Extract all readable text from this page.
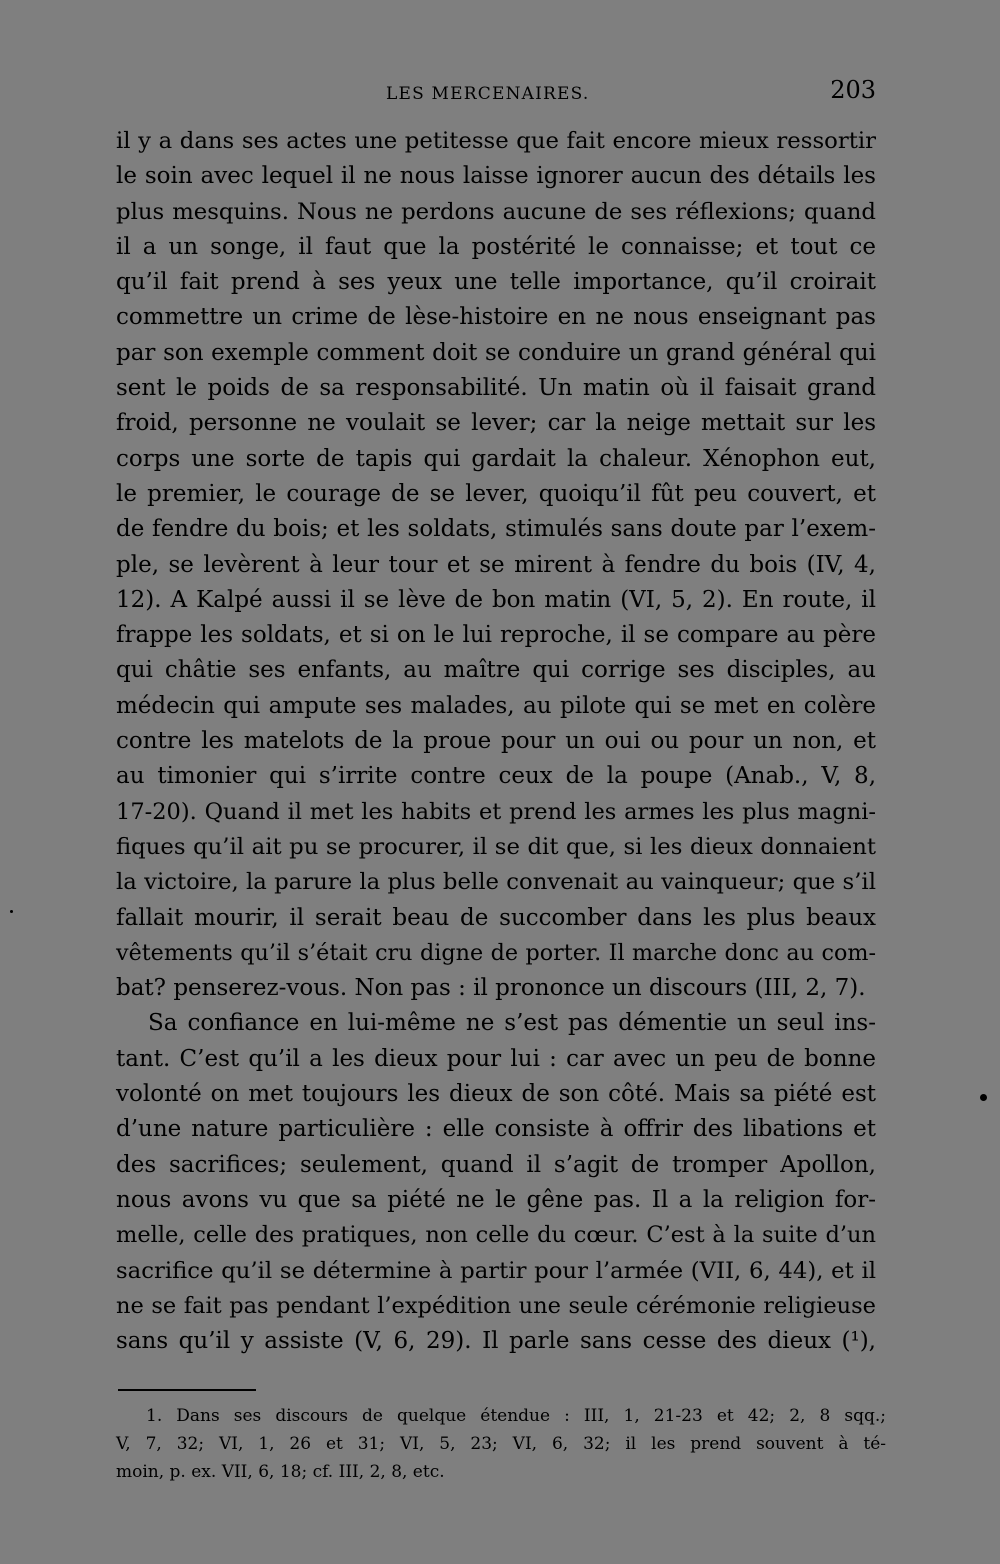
LES MERCENAIRES.	203
il y a dans ses actes une petitesse que fait encore mieux ressortir
le soin avec lequel il ne nous laisse ignorer aucun des détails les
plus mesquins. Nous ne perdons aucune de ses réflexions; quand
il a un songe, il faut que la postérité le connaisse; et tout ce
qu’il fait prend à ses yeux une telle importance, qu’il croirait
commettre un crime de lèse-histoire en ne nous enseignant pas
par son exemple comment doit se conduire un grand général qui
sent le poids de sa responsabilité. Un matin où il faisait grand
froid, personne ne voulait se lever; car la neige mettait sur les
corps une sorte de tapis qui gardait la chaleur. Xénophon eut,
le premier, le courage de se lever, quoiqu’il fût peu couvert, et
de fendre du bois; et les soldats, stimulés sans doute par l’exem-
ple, se levèrent à leur tour et se mirent à fendre du bois (IV, 4,
12). A Kalpé aussi il se lève de bon matin (VI, 5, 2). En route, il
frappe les soldats, et si on le lui reproche, il se compare au père
qui châtie ses enfants, au maître qui corrige ses disciples, au
médecin qui ampute ses malades, au pilote qui se met en colère
contre les matelots de la proue pour un oui ou pour un non, et
au timonier qui s’irrite contre ceux de la poupe (Anab., V, 8,
17-20). Quand il met les habits et prend les armes les plus magni-
fiques qu’il ait pu se procurer, il se dit que, si les dieux donnaient
la victoire, la parure la plus belle convenait au vainqueur; que s’il
fallait mourir, il serait beau de succomber dans les plus beaux
vêtements qu’il s’était cru digne de porter. Il marche donc au com-
bat? penserez-vous. Non pas : il prononce un discours (III, 2, 7).
Sa confiance en lui-même ne s’est pas démentie un seul ins-
tant. C’est qu’il a les dieux pour lui : car avec un peu de bonne
volonté on met toujours les dieux de son côté. Mais sa piété est
d’une nature particulière : elle consiste à offrir des libations et
des sacrifices; seulement, quand il s’agit de tromper Apollon,
nous avons vu que sa piété ne le gêne pas. Il a la religion for-
melle, celle des pratiques, non celle du cœur. C’est à la suite d’un
sacrifice qu’il se détermine à partir pour l’armée (VII, 6, 44), et il
ne se fait pas pendant l’expédition une seule cérémonie religieuse
sans qu’il y assiste (V, 6, 29). Il parle sans cesse des dieux (¹),
1. Dans ses discours de quelque étendue : III, 1, 21-23 et 42; 2, 8 sqq.;
V, 7, 32; VI, 1, 26 et 31; VI, 5, 23; VI, 6, 32; il les prend souvent à té-
moin, p. ex. VII, 6, 18; cf. III, 2, 8, etc.
